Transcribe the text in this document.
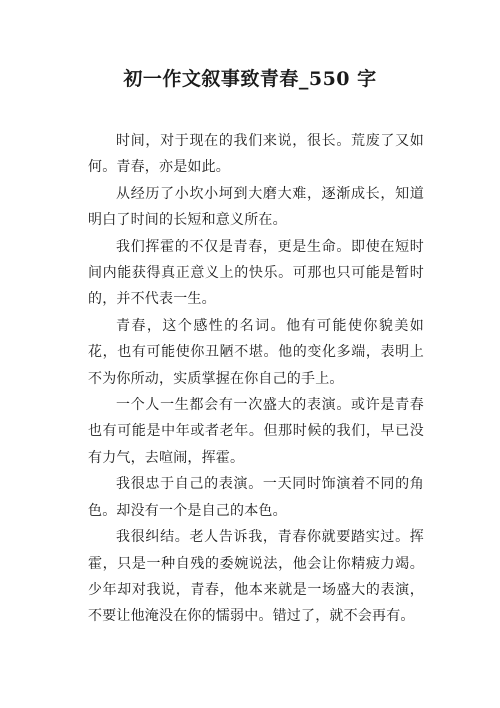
初一作文叙事致青春_550 字

时间，对于现在的我们来说，很长。荒废了又如何。青春，亦是如此。

从经历了小坎小坷到大磨大难，逐渐成长，知道明白了时间的长短和意义所在。

我们挥霍的不仅是青春，更是生命。即使在短时间内能获得真正意义上的快乐。可那也只可能是暂时的，并不代表一生。

青春，这个感性的名词。他有可能使你貌美如花，也有可能使你丑陋不堪。他的变化多端，表明上不为你所动，实质掌握在你自己的手上。

一个人一生都会有一次盛大的表演。或许是青春也有可能是中年或者老年。但那时候的我们，早已没有力气，去喧闹，挥霍。

我很忠于自己的表演。一天同时饰演着不同的角色。却没有一个是自己的本色。

我很纠结。老人告诉我，青春你就要踏实过。挥霍，只是一种自残的委婉说法，他会让你精疲力竭。少年却对我说，青春，他本来就是一场盛大的表演，不要让他淹没在你的懦弱中。错过了，就不会再有。
